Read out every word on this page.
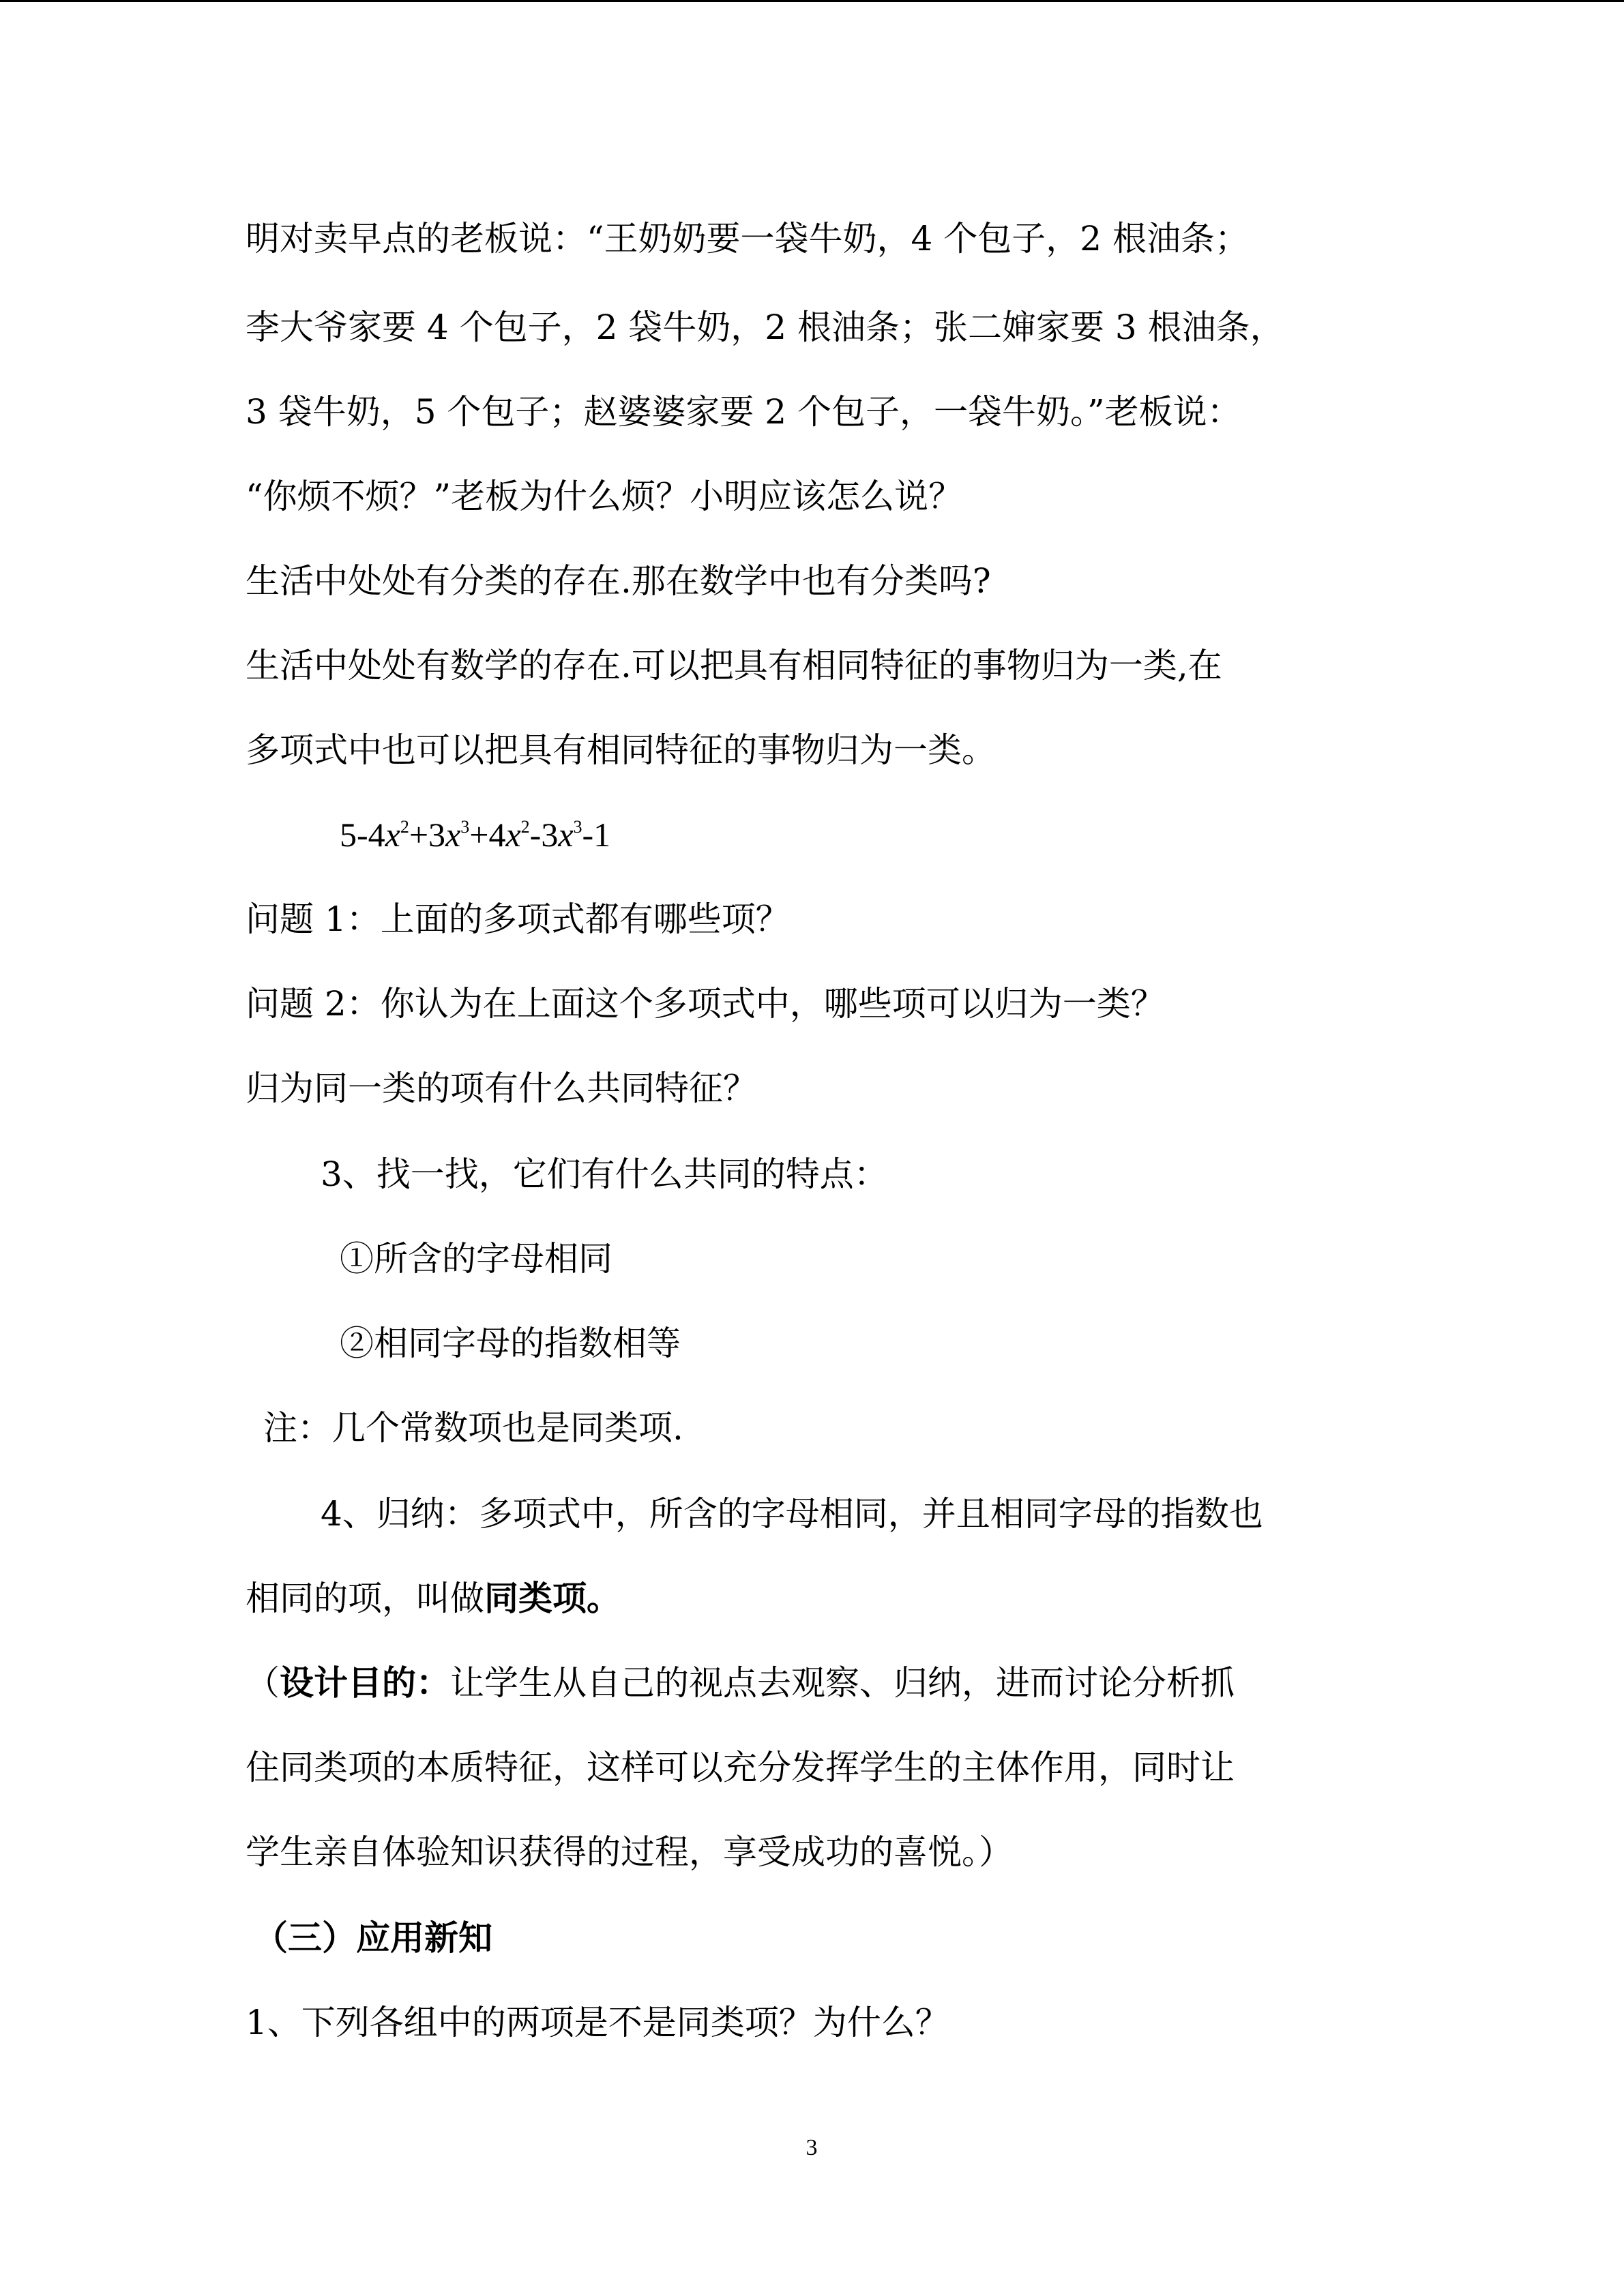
明对卖早点的老板说：“王奶奶要一袋牛奶，4 个包子，2 根油条；
李大爷家要 4 个包子，2 袋牛奶，2 根油条；张二婶家要 3 根油条，
3 袋牛奶，5 个包子；赵婆婆家要 2 个包子，一袋牛奶。”老板说：
“你烦不烦？”老板为什么烦？小明应该怎么说？
生活中处处有分类的存在.那在数学中也有分类吗?
生活中处处有数学的存在.可以把具有相同特征的事物归为一类,在
多项式中也可以把具有相同特征的事物归为一类。
$5-4x^2+3x^3+4x^2-3x^3-1$
问题 1：上面的多项式都有哪些项？
问题 2：你认为在上面这个多项式中，哪些项可以归为一类？
归为同一类的项有什么共同特征？
3、找一找，它们有什么共同的特点：
①所含的字母相同
②相同字母的指数相等
注：几个常数项也是同类项.
4、归纳：多项式中，所含的字母相同，并且相同字母的指数也
相同的项，叫做同类项。
（设计目的：让学生从自己的视点去观察、归纳，进而讨论分析抓
住同类项的本质特征，这样可以充分发挥学生的主体作用，同时让
学生亲自体验知识获得的过程，享受成功的喜悦。）
（三）应用新知
1、下列各组中的两项是不是同类项？为什么？
3
